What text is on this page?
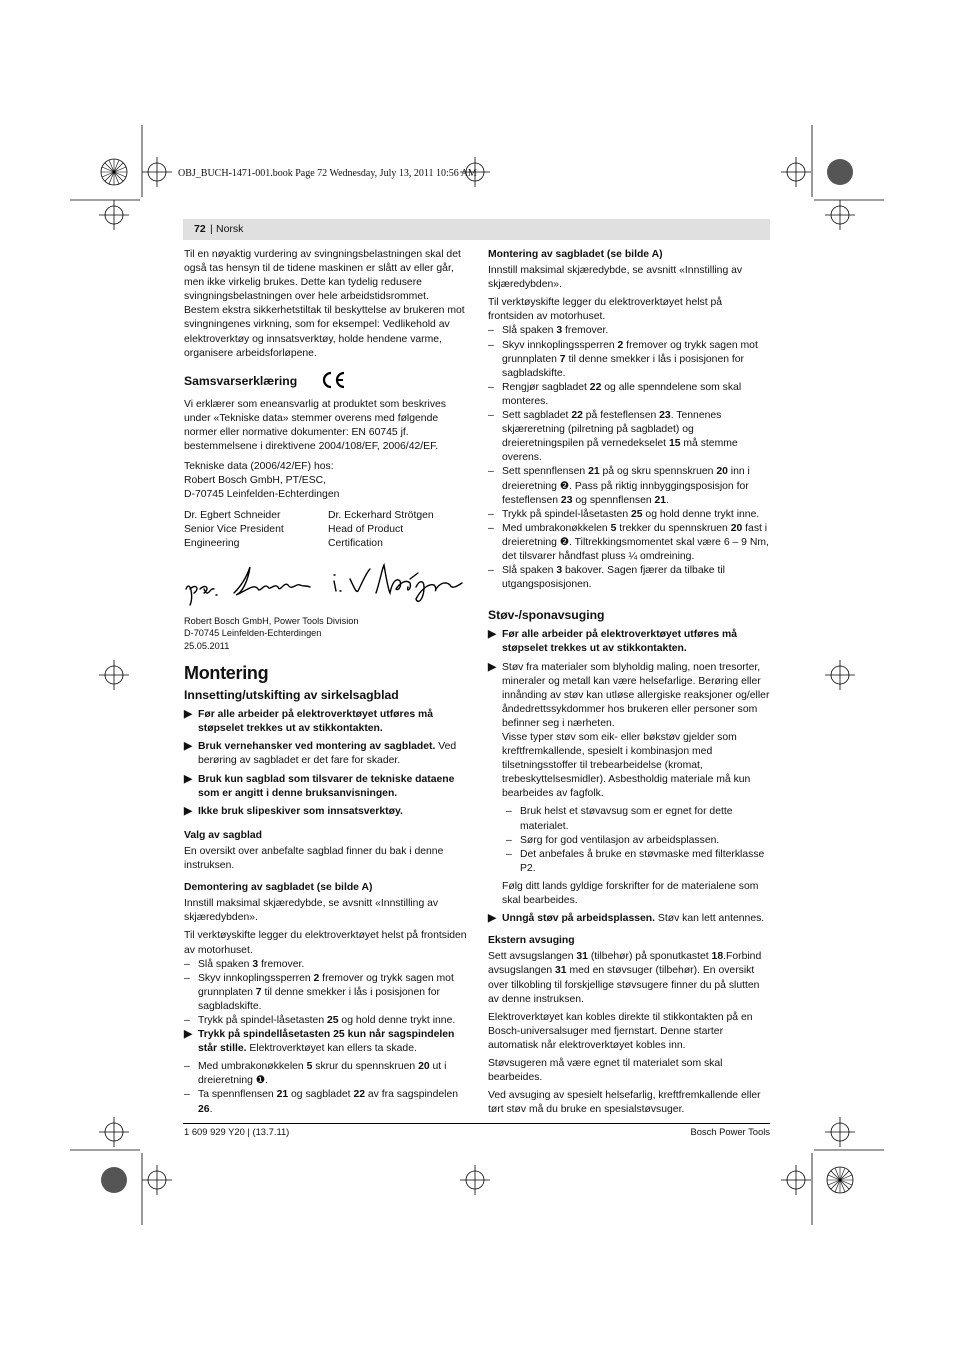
OBJ_BUCH-1471-001.book Page 72 Wednesday, July 13, 2011 10:56 AM
72 | Norsk

Til en nøyaktig vurdering av svingningsbelastningen skal det også tas hensyn til de tidene maskinen er slått av eller går, men ikke virkelig brukes. Dette kan tydelig redusere svingningsbelastningen over hele arbeidstidsrommet.

Bestem ekstra sikkerhetstiltak til beskyttelse av brukeren mot svingningenes virkning, som for eksempel: Vedlikehold av elektroverktøy og innsatsverktøy, holde hendene varme, organisere arbeidsforløpene.

Samsvarserklæring

Vi erklærer som eneansvarlig at produktet som beskrives under «Tekniske data» stemmer overens med følgende normer eller normative dokumenter: EN 60745 jf. bestemmelsene i direktivene 2004/108/EF, 2006/42/EF.

Tekniske data (2006/42/EF) hos:
Robert Bosch GmbH, PT/ESC,
D-70745 Leinfelden-Echterdingen
Dr. Egbert Schneider	Dr. Eckerhard Strötgen
Senior Vice President	Head of Product
Engineering	Certification
Robert Bosch GmbH, Power Tools Division
D-70745 Leinfelden-Echterdingen
25.05.2011
Montering
Innsetting/utskifting av sirkelsagblad
▶ Før alle arbeider på elektroverktøyet utføres må støpselet trekkes ut av stikkontakten.
▶ Bruk vernehansker ved montering av sagbladet. Ved berøring av sagbladet er det fare for skader.
▶ Bruk kun sagblad som tilsvarer de tekniske dataene som er angitt i denne bruksanvisningen.
▶ Ikke bruk slipeskiver som innsatsverktøy.
Valg av sagblad

En oversikt over anbefalte sagblad finner du bak i denne instruksen.

Demontering av sagbladet (se bilde A)

Innstill maksimal skjæredybde, se avsnitt «Innstilling av skjæredybden».

Til verktøyskifte legger du elektroverktøyet helst på frontsiden av motorhuset.

– Slå spaken 3 fremover.
– Skyv innkoplingssperren 2 fremover og trykk sagen mot grunnplaten 7 til denne smekker i lås i posisjonen for sagbladskifte.
– Trykk på spindel-låsetasten 25 og hold denne trykt inne.
▶ Trykk på spindellåsetasten 25 kun når sagspindelen står stille. Elektroverktøyet kan ellers ta skade.
– Med umbrakonøkkelen 5 skrur du spennskruen 20 ut i dreieretning ❶.
– Ta spennflensen 21 og sagbladet 22 av fra sagspindelen 26.
Montering av sagbladet (se bilde A)

Innstill maksimal skjæredybde, se avsnitt «Innstilling av skjæredybden».

Til verktøyskifte legger du elektroverktøyet helst på frontsiden av motorhuset.

– Slå spaken 3 fremover.
– Skyv innkoplingssperren 2 fremover og trykk sagen mot grunnplaten 7 til denne smekker i lås i posisjonen for sagbladskifte.
– Rengjør sagbladet 22 og alle spenndelene som skal monteres.
– Sett sagbladet 22 på festeflensen 23. Tennenes skjæreretning (pilretning på sagbladet) og dreieretningspilen på vernedekselet 15 må stemme overens.
– Sett spennflensen 21 på og skru spennskruen 20 inn i dreieretning ❷. Pass på riktig innbyggingsposisjon for festeflensen 23 og spennflensen 21.
– Trykk på spindel-låsetasten 25 og hold denne trykt inne.
– Med umbrakonøkkelen 5 trekker du spennskruen 20 fast i dreieretning ❷. Tiltrekkingsmomentet skal være 6 – 9 Nm, det tilsvarer håndfast pluss ¼ omdreining.
– Slå spaken 3 bakover. Sagen fjærer da tilbake til utgangsposisjonen.
Støv-/sponavsuging
▶ Før alle arbeider på elektroverktøyet utføres må støpselet trekkes ut av stikkontakten.
▶ Støv fra materialer som blyholdig maling, noen tresorter, mineraler og metall kan være helsefarlige. Berøring eller innånding av støv kan utløse allergiske reaksjoner og/eller åndedrettssykdommer hos brukeren eller personer som befinner seg i nærheten.
Visse typer støv som eik- eller bøkstøv gjelder som kreftfremkallende, spesielt i kombinasjon med tilsetningsstoffer til trebearbeidelse (kromat, trebeskyttelsesmidler). Asbestholdig materiale må kun bearbeides av fagfolk.
– Bruk helst et støvavsug som er egnet for dette materialet.
– Sørg for god ventilasjon av arbeidsplassen.
– Det anbefales å bruke en støvmaske med filterklasse P2.

Følg ditt lands gyldige forskrifter for de materialene som skal bearbeides.

▶ Unngå støv på arbeidsplassen. Støv kan lett antennes.
Ekstern avsuging

Sett avsugslangen 31 (tilbehør) på sponutkastet 18.Forbind avsugslangen 31 med en støvsuger (tilbehør). En oversikt over tilkobling til forskjellige støvsugere finner du på slutten av denne instruksen.

Elektroverktøyet kan kobles direkte til stikkontakten på en Bosch-universalsuger med fjernstart. Denne starter automatisk når elektroverktøyet kobles inn.

Støvsugeren må være egnet til materialet som skal bearbeides.

Ved avsuging av spesielt helsefarlig, kreftfremkallende eller tørt støv må du bruke en spesialstøvsuger.

1 609 929 Y20 | (13.7.11)	Bosch Power Tools
